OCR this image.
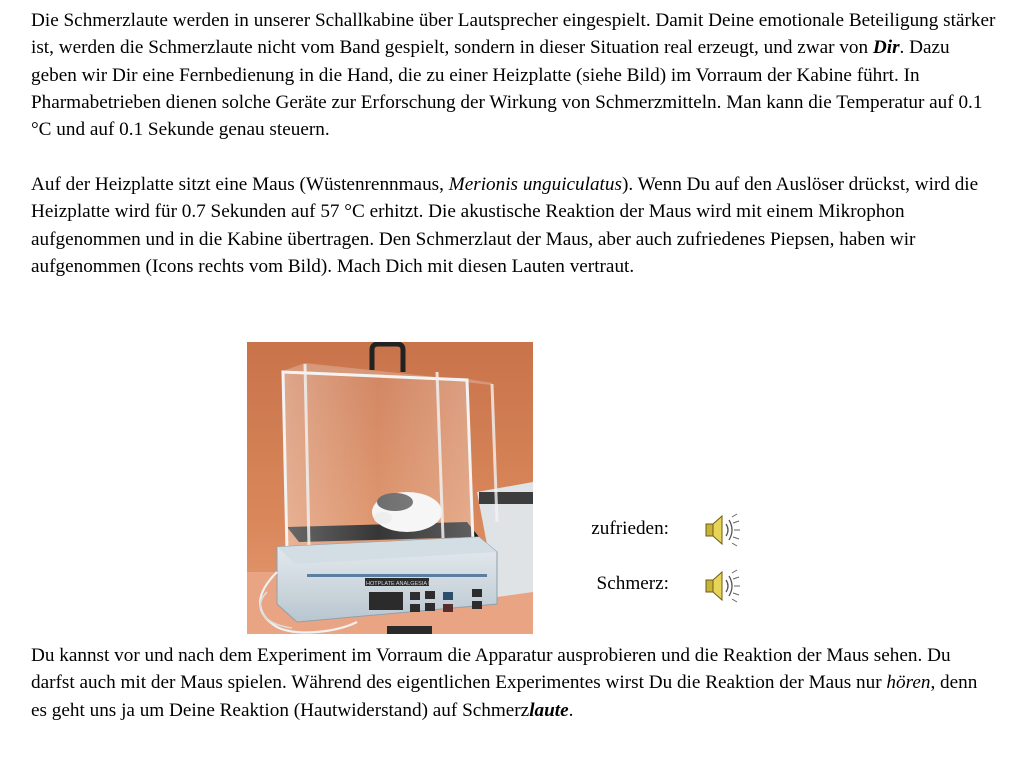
Die Schmerzlaute werden in unserer Schallkabine über Lautsprecher eingespielt. Damit Deine emotionale Beteiligung stärker ist, werden die Schmerzlaute nicht vom Band gespielt, sondern in dieser Situation real erzeugt, und zwar von Dir. Dazu geben wir Dir eine Fernbedienung in die Hand, die zu einer Heizplatte (siehe Bild) im Vorraum der Kabine führt. In Pharmabetrieben dienen solche Geräte zur Erforschung der Wirkung von Schmerzmitteln. Man kann die Temperatur auf 0.1 °C und auf 0.1 Sekunde genau steuern.

Auf der Heizplatte sitzt eine Maus (Wüstenrennmaus, Merionis unguiculatus). Wenn Du auf den Auslöser drückst, wird die Heizplatte wird für 0.7 Sekunden auf 57 °C erhitzt. Die akustische Reaktion der Maus wird mit einem Mikrophon aufgenommen und in die Kabine übertragen. Den Schmerzlaut der Maus, aber auch zufriedenes Piepsen, haben wir aufgenommen (Icons rechts vom Bild). Mach Dich mit diesen Lauten vertraut.

HOTPLATE ANALGESIA METER
zufrieden:
Schmerz:

Du kannst vor und nach dem Experiment im Vorraum die Apparatur ausprobieren und die Reaktion der Maus sehen. Du darfst auch mit der Maus spielen. Während des eigentlichen Experimentes wirst Du die Reaktion der Maus nur hören, denn es geht uns ja um Deine Reaktion (Hautwiderstand) auf Schmerzlaute.
